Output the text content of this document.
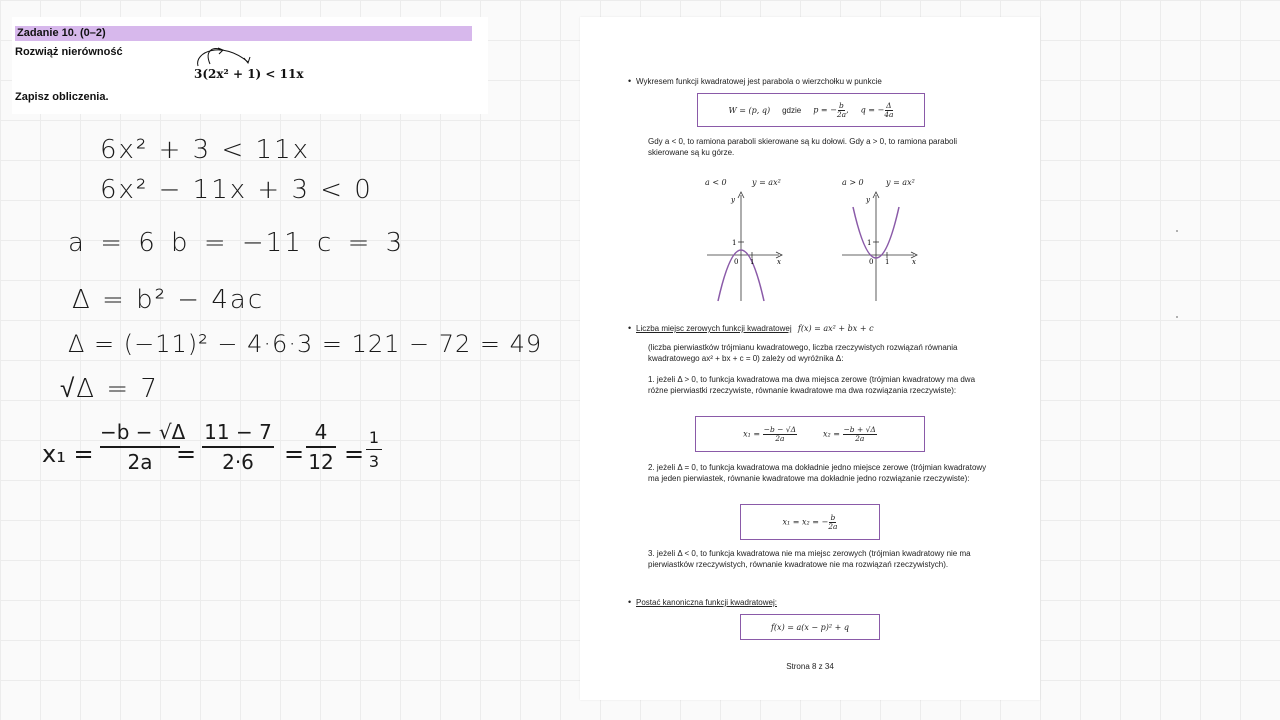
Zadanie 10. (0–2)
Rozwiąż nierówność
3(2x² + 1) < 11x
Zapisz obliczenia.
6x² + 3 < 11x
6x² − 11x + 3 < 0
a = 6 b = −11 c = 3
Δ = b² − 4ac
Δ = (−11)² − 4·6·3 = 121 − 72 = 49
√Δ = 7
x₁ =
−b − √Δ
2a =
11 − 7
2·6	=
4
12 =
1
3
• Wykresem funkcji kwadratowej jest parabola o wierzchołku w punkcie
W = (p, q) gdzie p = − $\frac{b}{2a}$ , q = − $\frac{\Delta}{4a}$
Gdy a < 0, to ramiona paraboli skierowane są ku dołowi. Gdy a > 0, to ramiona paraboli skierowane są ku górze.
a < 0	y = ax²
y
1
0 1	x
a > 0	y = ax²
y
1
0 1	x
• Liczba miejsc zerowych funkcji kwadratowej f(x) = ax² + bx + c
(liczba pierwiastków trójmianu kwadratowego, liczba rzeczywistych rozwiązań równania kwadratowego ax² + bx + c = 0) zależy od wyróżnika Δ:
1. jeżeli Δ > 0, to funkcja kwadratowa ma dwa miejsca zerowe (trójmian kwadratowy ma dwa różne pierwiastki rzeczywiste, równanie kwadratowe ma dwa rozwiązania rzeczywiste):
$x_1 = \frac{-b - √\Delta}{2a}$	$x_2 = \frac{-b + √\Delta}{2a}$
2. jeżeli Δ = 0, to funkcja kwadratowa ma dokładnie jedno miejsce zerowe (trójmian kwadratowy ma jeden pierwiastek, równanie kwadratowe ma dokładnie jedno rozwiązanie rzeczywiste):
x₁ = x₂ = − $\frac{b}{2a}$
3. jeżeli Δ < 0, to funkcja kwadratowa nie ma miejsc zerowych (trójmian kwadratowy nie ma pierwiastków rzeczywistych, równanie kwadratowe nie ma rozwiązań rzeczywistych).
• Postać kanoniczna funkcji kwadratowej:
f(x) = a(x − p)² + q
Strona 8 z 34
